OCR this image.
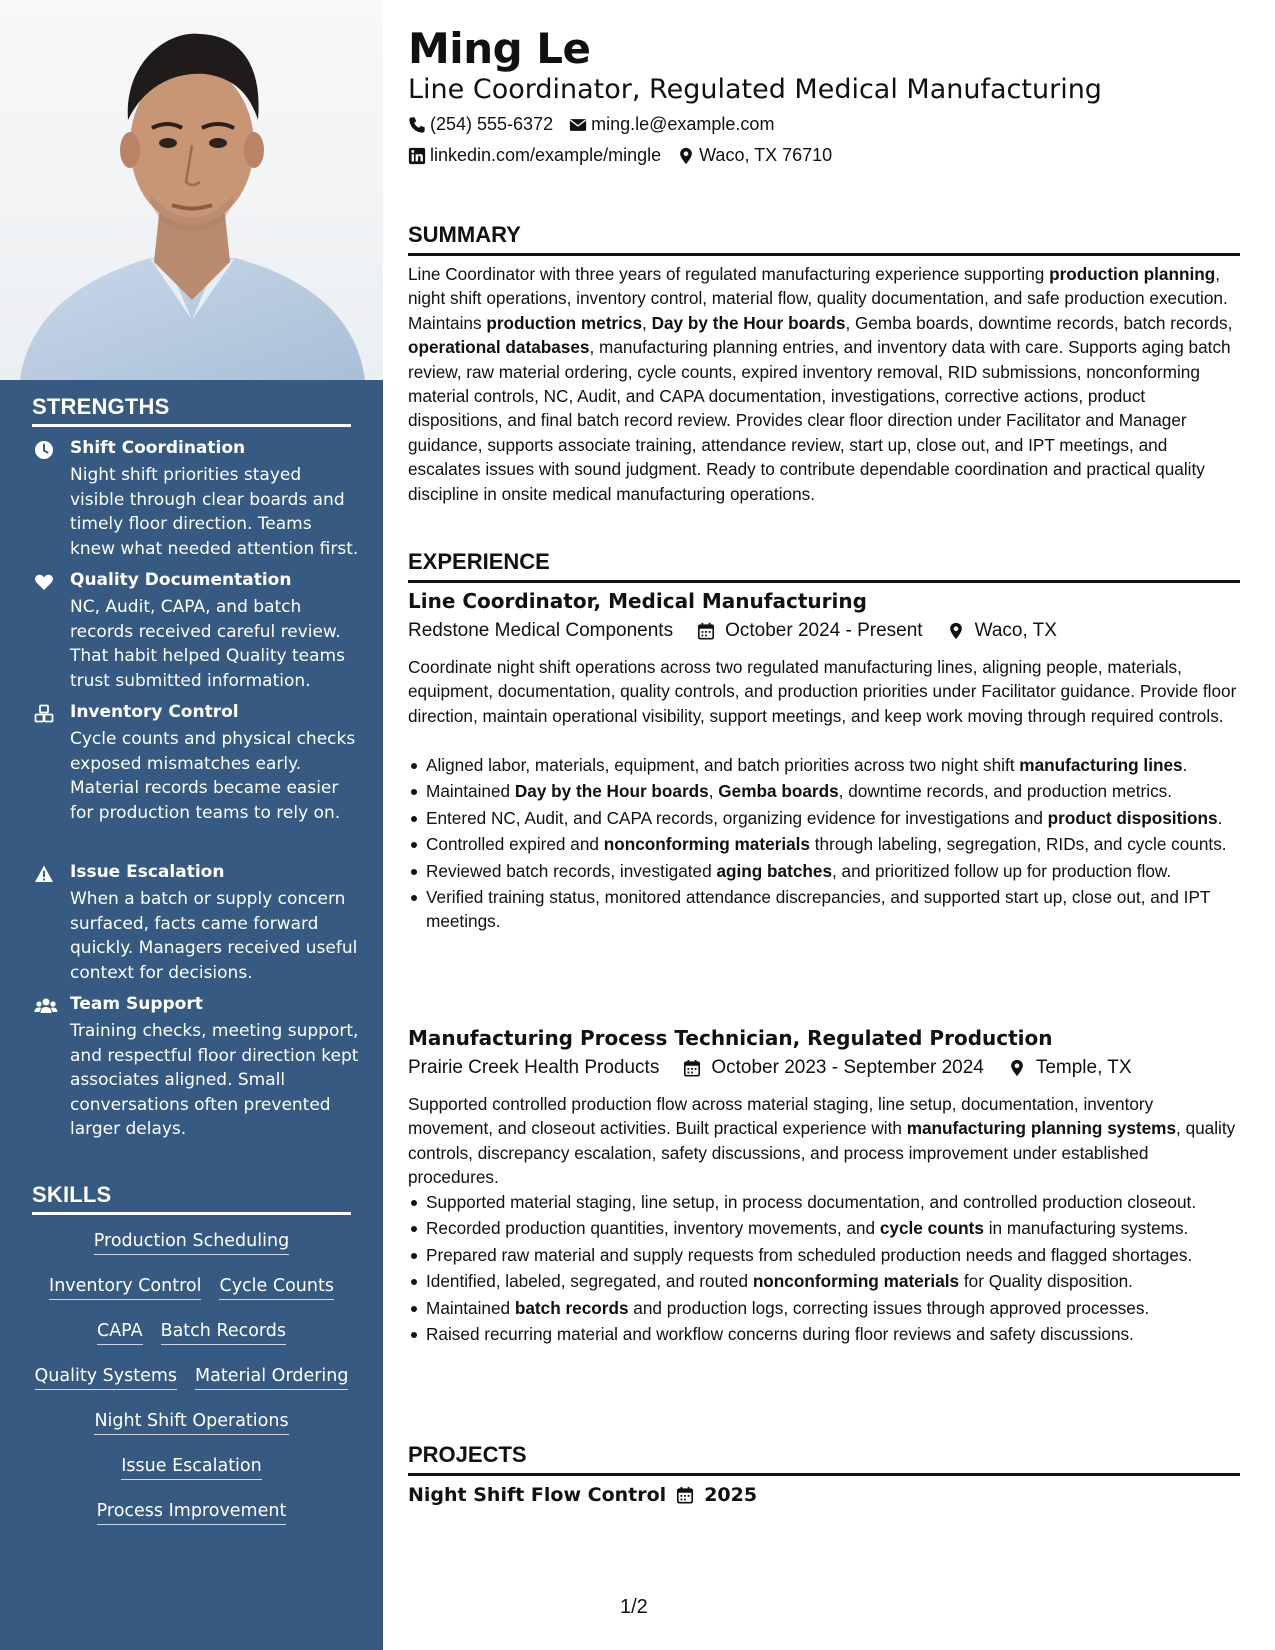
STRENGTHS
Shift Coordination
Night shift priorities stayed visible through clear boards and timely floor direction. Teams knew what needed attention first.
Quality Documentation
NC, Audit, CAPA, and batch records received careful review. That habit helped Quality teams trust submitted information.
Inventory Control
Cycle counts and physical checks exposed mismatches early. Material records became easier for production teams to rely on.
Issue Escalation
When a batch or supply concern surfaced, facts came forward quickly. Managers received useful context for decisions.
Team Support
Training checks, meeting support, and respectful floor direction kept associates aligned. Small conversations often prevented larger delays.
SKILLS
Production Scheduling
Inventory Control Cycle Counts
CAPA Batch Records
Quality Systems Material Ordering
Night Shift Operations
Issue Escalation
Process Improvement
Ming Le
Line Coordinator, Regulated Medical Manufacturing
(254) 555-6372 ming.le@example.com
linkedin.com/example/mingle Waco, TX 76710
SUMMARY
Line Coordinator with three years of regulated manufacturing experience supporting production planning, night shift operations, inventory control, material flow, quality documentation, and safe production execution. Maintains production metrics, Day by the Hour boards, Gemba boards, downtime records, batch records, operational databases, manufacturing planning entries, and inventory data with care. Supports aging batch review, raw material ordering, cycle counts, expired inventory removal, RID submissions, nonconforming material controls, NC, Audit, and CAPA documentation, investigations, corrective actions, product dispositions, and final batch record review. Provides clear floor direction under Facilitator and Manager guidance, supports associate training, attendance review, start up, close out, and IPT meetings, and escalates issues with sound judgment. Ready to contribute dependable coordination and practical quality discipline in onsite medical manufacturing operations.
EXPERIENCE
Line Coordinator, Medical Manufacturing
Redstone Medical Components	October 2024 - Present	Waco, TX
Coordinate night shift operations across two regulated manufacturing lines, aligning people, materials, equipment, documentation, quality controls, and production priorities under Facilitator guidance. Provide floor direction, maintain operational visibility, support meetings, and keep work moving through required controls.
Aligned labor, materials, equipment, and batch priorities across two night shift manufacturing lines.
Maintained Day by the Hour boards, Gemba boards, downtime records, and production metrics.
Entered NC, Audit, and CAPA records, organizing evidence for investigations and product dispositions.
Controlled expired and nonconforming materials through labeling, segregation, RIDs, and cycle counts.
Reviewed batch records, investigated aging batches, and prioritized follow up for production flow.
Verified training status, monitored attendance discrepancies, and supported start up, close out, and IPT meetings.
Manufacturing Process Technician, Regulated Production
Prairie Creek Health Products	October 2023 - September 2024	Temple, TX
Supported controlled production flow across material staging, line setup, documentation, inventory movement, and closeout activities. Built practical experience with manufacturing planning systems, quality controls, discrepancy escalation, safety discussions, and process improvement under established procedures.
Supported material staging, line setup, in process documentation, and controlled production closeout.
Recorded production quantities, inventory movements, and cycle counts in manufacturing systems.
Prepared raw material and supply requests from scheduled production needs and flagged shortages.
Identified, labeled, segregated, and routed nonconforming materials for Quality disposition.
Maintained batch records and production logs, correcting issues through approved processes.
Raised recurring material and workflow concerns during floor reviews and safety discussions.
PROJECTS
Night Shift Flow Control 2025
1/2
